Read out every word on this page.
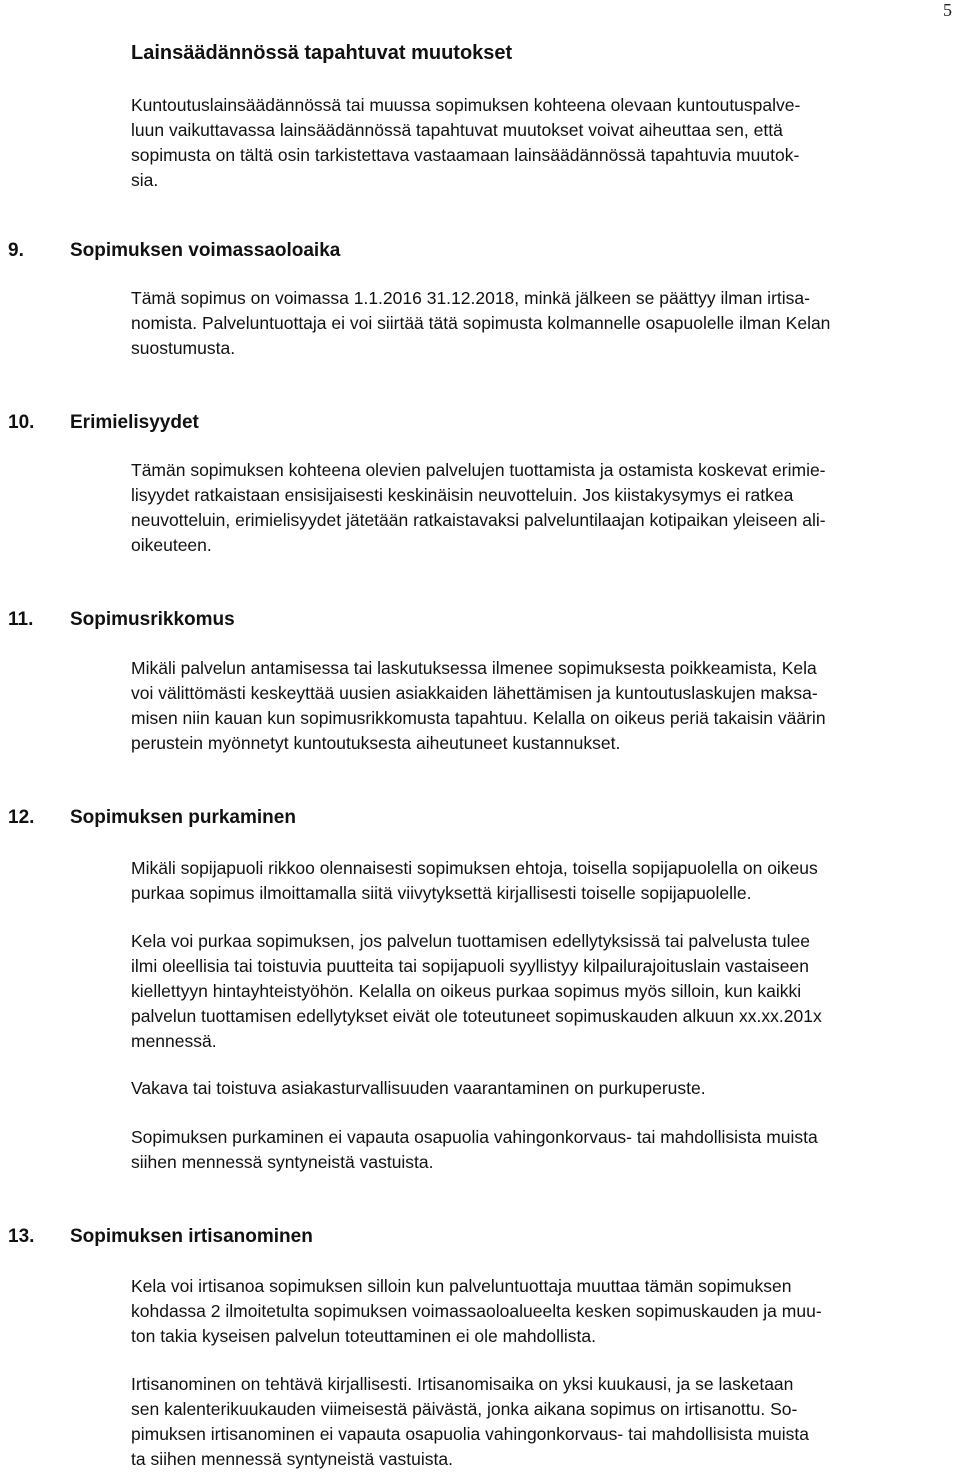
5
Lainsäädännössä tapahtuvat muutokset

Kuntoutuslainsäädännössä tai muussa sopimuksen kohteena olevaan kuntoutuspalve-
luun vaikuttavassa lainsäädännössä tapahtuvat muutokset voivat aiheuttaa sen, että
sopimusta on tältä osin tarkistettava vastaamaan lainsäädännössä tapahtuvia muutok-
sia.

9. Sopimuksen voimassaoloaika

Tämä sopimus on voimassa 1.1.2016 31.12.2018, minkä jälkeen se päättyy ilman irtisa-
nomista. Palveluntuottaja ei voi siirtää tätä sopimusta kolmannelle osapuolelle ilman Kelan
suostumusta.

10. Erimielisyydet

Tämän sopimuksen kohteena olevien palvelujen tuottamista ja ostamista koskevat erimie-
lisyydet ratkaistaan ensisijaisesti keskinäisin neuvotteluin. Jos kiistakysymys ei ratkea
neuvotteluin, erimielisyydet jätetään ratkaistavaksi palveluntilaajan kotipaikan yleiseen ali-
oikeuteen.

11. Sopimusrikkomus

Mikäli palvelun antamisessa tai laskutuksessa ilmenee sopimuksesta poikkeamista, Kela
voi välittömästi keskeyttää uusien asiakkaiden lähettämisen ja kuntoutuslaskujen maksa-
misen niin kauan kun sopimusrikkomusta tapahtuu. Kelalla on oikeus periä takaisin väärin
perustein myönnetyt kuntoutuksesta aiheutuneet kustannukset.

12. Sopimuksen purkaminen

Mikäli sopijapuoli rikkoo olennaisesti sopimuksen ehtoja, toisella sopijapuolella on oikeus
purkaa sopimus ilmoittamalla siitä viivytyksettä kirjallisesti toiselle sopijapuolelle.

Kela voi purkaa sopimuksen, jos palvelun tuottamisen edellytyksissä tai palvelusta tulee
ilmi oleellisia tai toistuvia puutteita tai sopijapuoli syyllistyy kilpailurajoituslain vastaiseen
kiellettyyn hintayhteistyöhön. Kelalla on oikeus purkaa sopimus myös silloin, kun kaikki
palvelun tuottamisen edellytykset eivät ole toteutuneet sopimuskauden alkuun xx.xx.201x
mennessä.

Vakava tai toistuva asiakasturvallisuuden vaarantaminen on purkuperuste.

Sopimuksen purkaminen ei vapauta osapuolia vahingonkorvaus- tai mahdollisista muista
siihen mennessä syntyneistä vastuista.

13. Sopimuksen irtisanominen

Kela voi irtisanoa sopimuksen silloin kun palveluntuottaja muuttaa tämän sopimuksen
kohdassa 2 ilmoitetulta sopimuksen voimassaoloalueelta kesken sopimuskauden ja muu-
ton takia kyseisen palvelun toteuttaminen ei ole mahdollista.

Irtisanominen on tehtävä kirjallisesti. Irtisanomisaika on yksi kuukausi, ja se lasketaan
sen kalenterikuukauden viimeisestä päivästä, jonka aikana sopimus on irtisanottu. So-
pimuksen irtisanominen ei vapauta osapuolia vahingonkorvaus- tai mahdollisista muista
ta siihen mennessä syntyneistä vastuista.
